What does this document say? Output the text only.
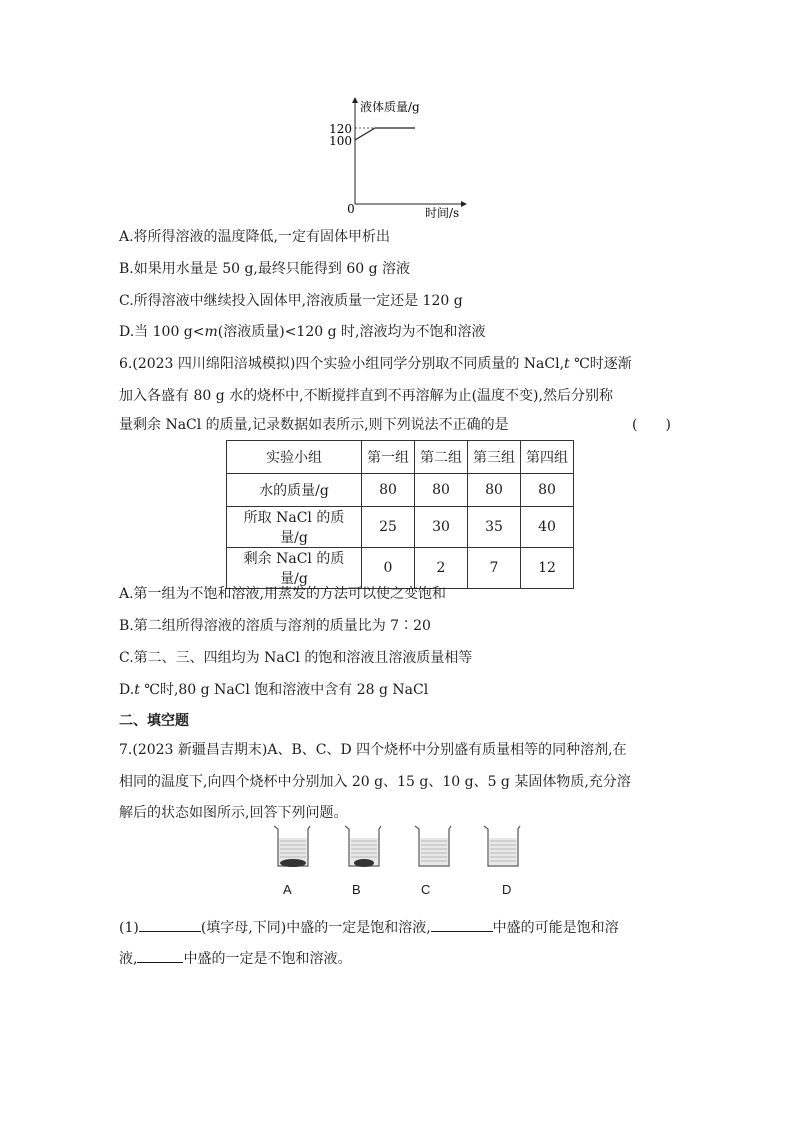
液体质量/g
时间/s
0
120
100
A.将所得溶液的温度降低,一定有固体甲析出
B.如果用水量是 50 g,最终只能得到 60 g 溶液
C.所得溶液中继续投入固体甲,溶液质量一定还是 120 g
D.当 100 g<m(溶液质量)<120 g 时,溶液均为不饱和溶液
6.(2023 四川绵阳涪城模拟)四个实验小组同学分别取不同质量的 NaCl,t ℃时逐渐
加入各盛有 80 g 水的烧杯中,不断搅拌直到不再溶解为止(温度不变),然后分别称
量剩余 NaCl 的质量,记录数据如表所示,则下列说法不正确的是	(　　)
实验小组	第一组	第二组	第三组	第四组
水的质量/g	80	80	80	80
所取 NaCl 的质量/g	25	30	35	40
剩余 NaCl 的质量/g	0	2	7	12
A.第一组为不饱和溶液,用蒸发的方法可以使之变饱和
B.第二组所得溶液的溶质与溶剂的质量比为 7∶20
C.第二、三、四组均为 NaCl 的饱和溶液且溶液质量相等
D.t ℃时,80 g NaCl 饱和溶液中含有 28 g NaCl
二、填空题
7.(2023 新疆昌吉期末)A、B、C、D 四个烧杯中分别盛有质量相等的同种溶剂,在
相同的温度下,向四个烧杯中分别加入 20 g、15 g、10 g、5 g 某固体物质,充分溶
解后的状态如图所示,回答下列问题。
A	B	C	D
(1)	(填字母,下同)中盛的一定是饱和溶液,	中盛的可能是饱和溶
液,	中盛的一定是不饱和溶液。
